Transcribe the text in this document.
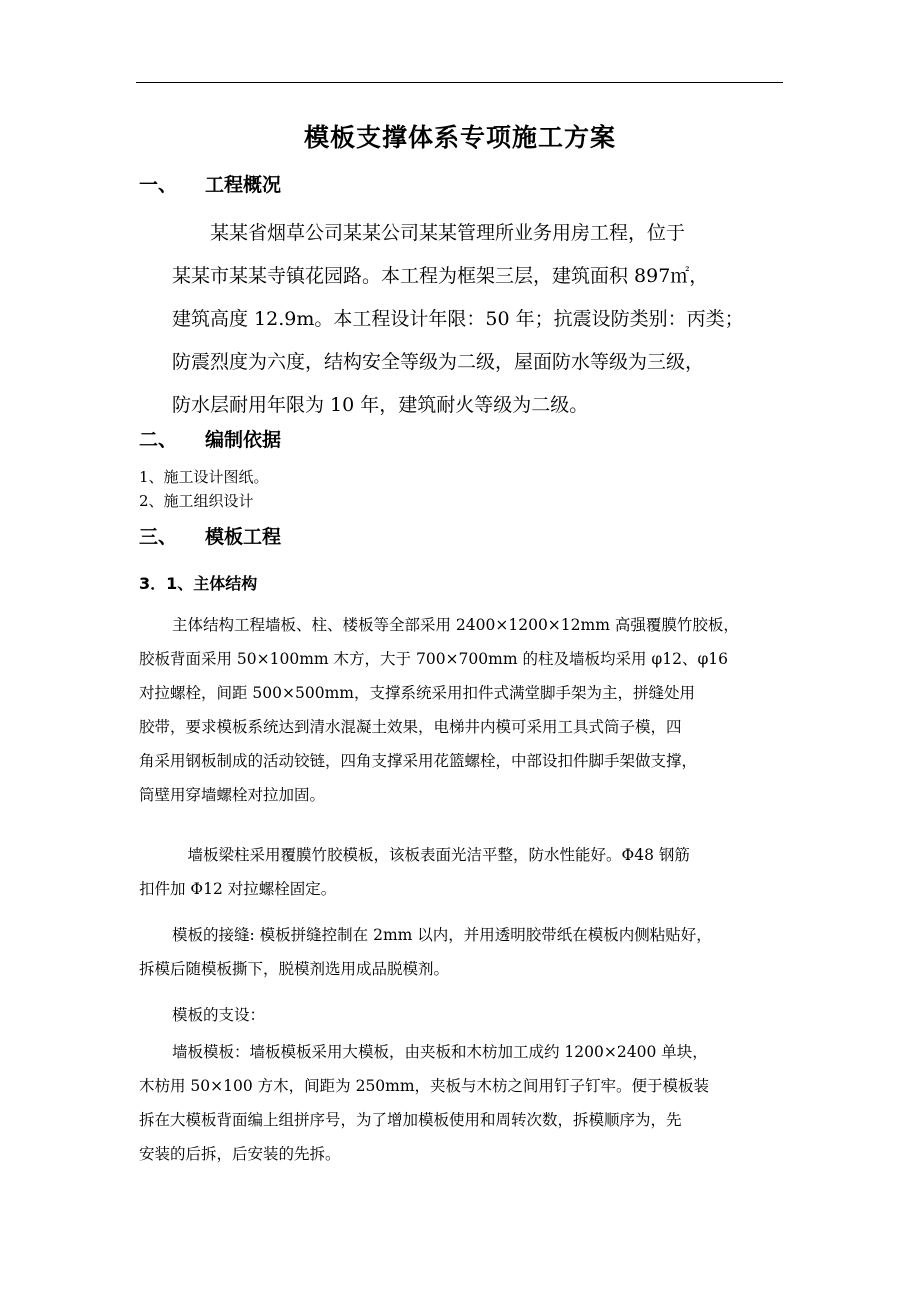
模板支撑体系专项施工方案
一、 工程概况
　　某某省烟草公司某某公司某某管理所业务用房工程，位于
某某市某某寺镇花园路。本工程为框架三层，建筑面积 897㎡，
建筑高度 12.9m。本工程设计年限：50 年；抗震设防类别：丙类；
防震烈度为六度，结构安全等级为二级，屋面防水等级为三级，
防水层耐用年限为 10 年，建筑耐火等级为二级。
二、 编制依据
1、施工设计图纸。
2、施工组织设计
三、 模板工程
3．1、主体结构
主体结构工程墙板、柱、楼板等全部采用 2400×1200×12mm 高强覆膜竹胶板，
胶板背面采用 50×100mm 木方，大于 700×700mm 的柱及墙板均采用 φ12、φ16
对拉螺栓，间距 500×500mm，支撑系统采用扣件式满堂脚手架为主，拼缝处用
胶带，要求模板系统达到清水混凝土效果，电梯井内模可采用工具式筒子模，四
角采用钢板制成的活动铰链，四角支撑采用花篮螺栓，中部设扣件脚手架做支撑，
筒壁用穿墙螺栓对拉加固。
　墙板梁柱采用覆膜竹胶模板，该板表面光洁平整，防水性能好。Φ48 钢筋
扣件加 Φ12 对拉螺栓固定。
模板的接缝: 模板拼缝控制在 2mm 以内，并用透明胶带纸在模板内侧粘贴好，
拆模后随模板撕下，脱模剂选用成品脱模剂。
模板的支设：
墙板模板：墙板模板采用大模板，由夹板和木枋加工成约 1200×2400 单块，
木枋用 50×100 方木，间距为 250mm，夹板与木枋之间用钉子钉牢。便于模板装
拆在大模板背面编上组拼序号，为了增加模板使用和周转次数，拆模顺序为，先
安装的后拆，后安装的先拆。
